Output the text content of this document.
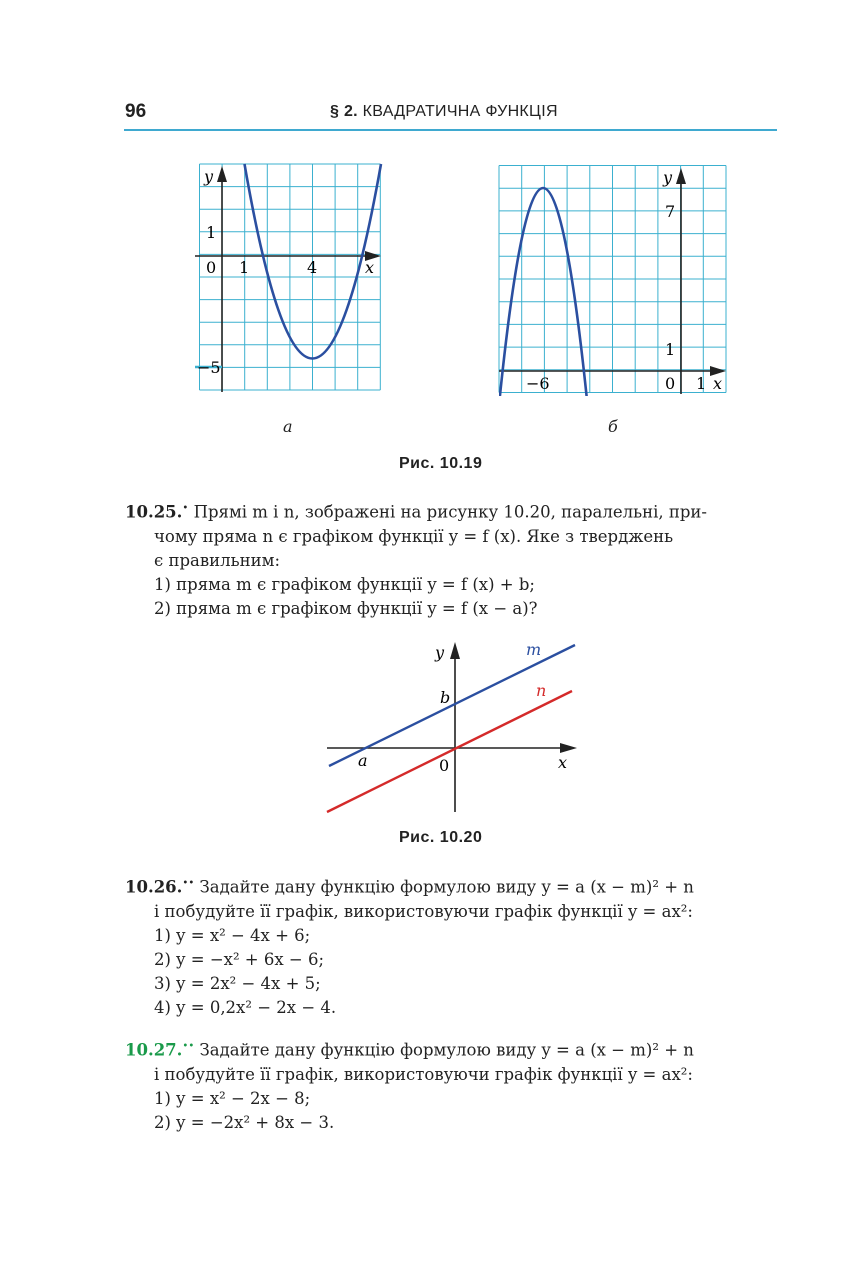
96	§ 2. КВАДРАТИЧНА ФУНКЦІЯ
y
x
0 1	4
1
−5
а
y
x
0 1
−6
1
7
б
Рис. 10.19
10.25.• Прямі m і n, зображені на рисунку 10.20, паралельні, при-
чому пряма n є графіком функції y = f (x). Яке з тверджень
є правильним:
1) пряма m є графіком функції y = f (x) + b;
2) пряма m є графіком функції y = f (x − a)?
y
x
0
a
b
m
n
Рис. 10.20
10.26.•• Задайте дану функцію формулою виду y = a (x − m)² + n
і побудуйте її графік, використовуючи графік функції y = ax²:
1) y = x² − 4x + 6;
2) y = −x² + 6x − 6;
3) y = 2x² − 4x + 5;
4) y = 0,2x² − 2x − 4.
10.27.•• Задайте дану функцію формулою виду y = a (x − m)² + n
і побудуйте її графік, використовуючи графік функції y = ax²:
1) y = x² − 2x − 8;
2) y = −2x² + 8x − 3.
